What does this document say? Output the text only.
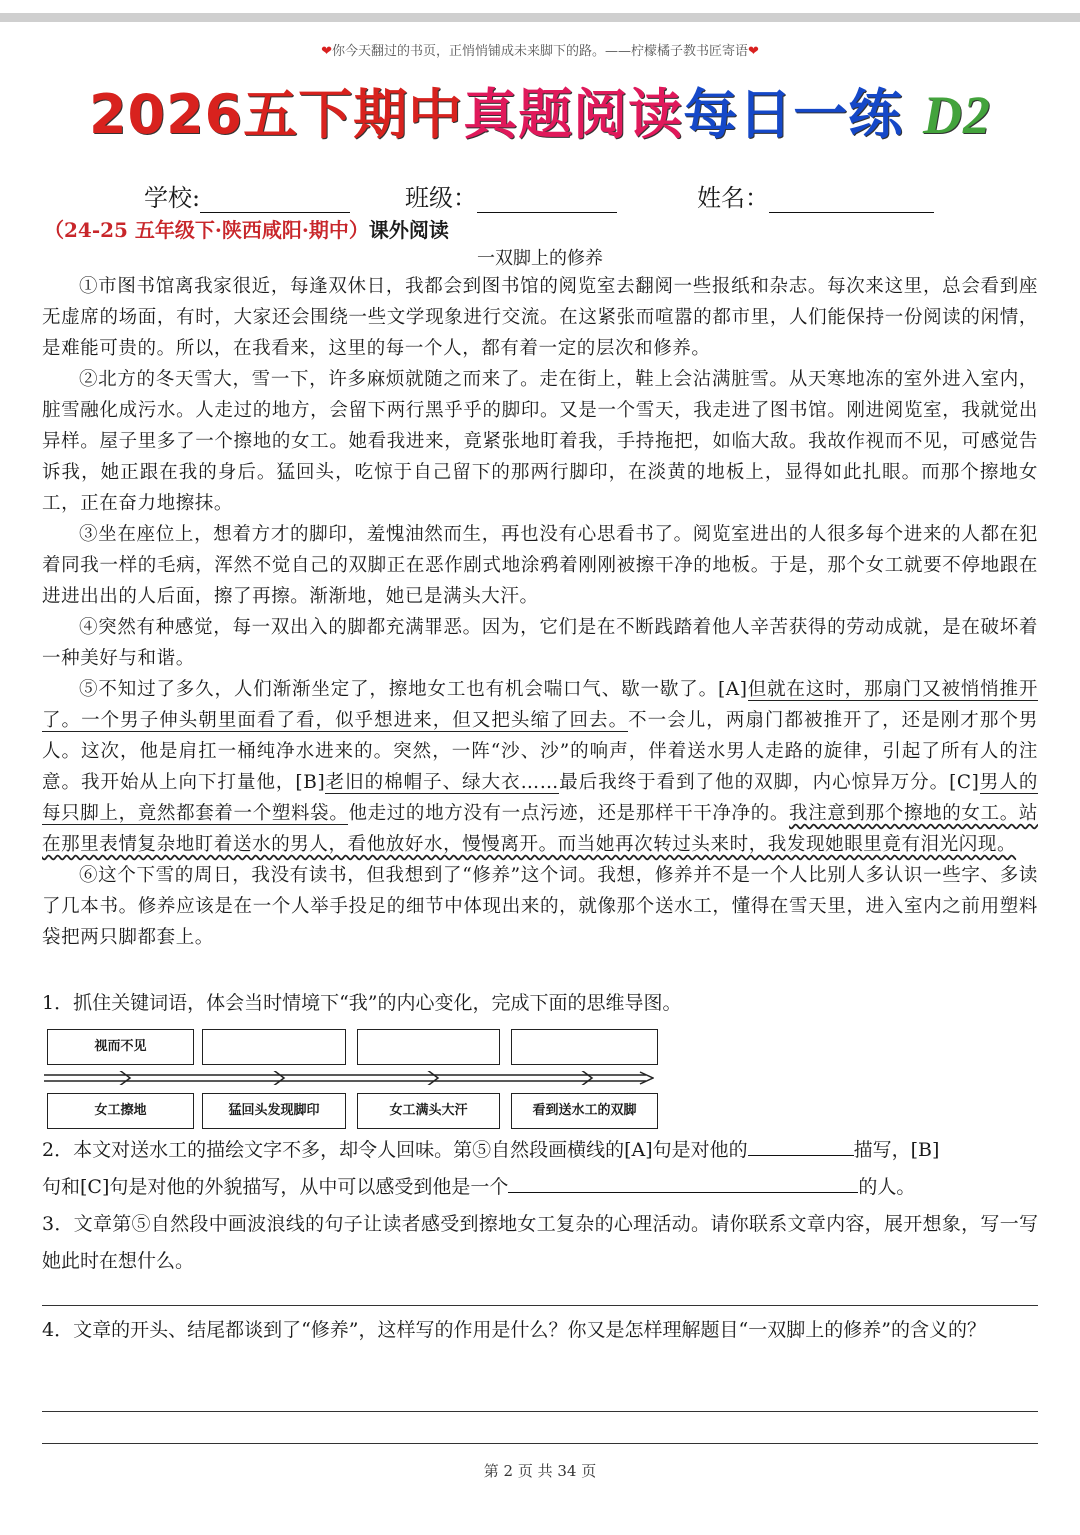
❤你今天翻过的书页，正悄悄铺成未来脚下的路。——柠檬橘子教书匠寄语❤
2026五下期中真题阅读每日一练 D2
学校:	班级：	姓名：
（24-25 五年级下·陕西咸阳·期中）课外阅读
一双脚上的修养

①市图书馆离我家很近，每逢双休日，我都会到图书馆的阅览室去翻阅一些报纸和杂志。每次来这里，总会看到座无虚席的场面，有时，大家还会围绕一些文学现象进行交流。在这紧张而喧嚣的都市里，人们能保持一份阅读的闲情，是难能可贵的。所以，在我看来，这里的每一个人，都有着一定的层次和修养。

②北方的冬天雪大，雪一下，许多麻烦就随之而来了。走在街上，鞋上会沾满脏雪。从天寒地冻的室外进入室内，脏雪融化成污水。人走过的地方，会留下两行黑乎乎的脚印。又是一个雪天，我走进了图书馆。刚进阅览室，我就觉出异样。屋子里多了一个擦地的女工。她看我进来，竟紧张地盯着我，手持拖把，如临大敌。我故作视而不见，可感觉告诉我，她正跟在我的身后。猛回头，吃惊于自己留下的那两行脚印，在淡黄的地板上，显得如此扎眼。而那个擦地女工，正在奋力地擦抹。

③坐在座位上，想着方才的脚印，羞愧油然而生，再也没有心思看书了。阅览室进出的人很多每个进来的人都在犯着同我一样的毛病，浑然不觉自己的双脚正在恶作剧式地涂鸦着刚刚被擦干净的地板。于是，那个女工就要不停地跟在进进出出的人后面，擦了再擦。渐渐地，她已是满头大汗。

④突然有种感觉，每一双出入的脚都充满罪恶。因为，它们是在不断践踏着他人辛苦获得的劳动成就，是在破坏着一种美好与和谐。

⑤不知过了多久，人们渐渐坐定了，擦地女工也有机会喘口气、歇一歇了。[A]但就在这时，那扇门又被悄悄推开了。一个男子伸头朝里面看了看，似乎想进来，但又把头缩了回去。不一会儿，两扇门都被推开了，还是刚才那个男人。这次，他是肩扛一桶纯净水进来的。突然，一阵“沙、沙”的响声，伴着送水男人走路的旋律，引起了所有人的注意。我开始从上向下打量他，[B]老旧的棉帽子、绿大衣……最后我终于看到了他的双脚，内心惊异万分。[C]男人的每只脚上，竟然都套着一个塑料袋。他走过的地方没有一点污迹，还是那样干干净净的。我注意到那个擦地的女工。站在那里表情复杂地盯着送水的男人，看他放好水，慢慢离开。而当她再次转过头来时，我发现她眼里竟有泪光闪现。

⑥这个下雪的周日，我没有读书，但我想到了“修养”这个词。我想，修养并不是一个人比别人多认识一些字、多读了几本书。修养应该是在一个人举手投足的细节中体现出来的，就像那个送水工，懂得在雪天里，进入室内之前用塑料袋把两只脚都套上。

1．抓住关键词语，体会当时情境下“我”的内心变化，完成下面的思维导图。
视而不见
女工擦地	猛回头发现脚印	女工满头大汗	看到送水工的双脚
2．本文对送水工的描绘文字不多，却令人回味。第⑤自然段画横线的[A]句是对他的	描写，[B]
句和[C]句是对他的外貌描写，从中可以感受到他是一个	的人。
3．文章第⑤自然段中画波浪线的句子让读者感受到擦地女工复杂的心理活动。请你联系文章内容，展开想象，写一写她此时在想什么。
4．文章的开头、结尾都谈到了“修养”，这样写的作用是什么？你又是怎样理解题目“一双脚上的修养”的含义的？
第 2 页 共 34 页
